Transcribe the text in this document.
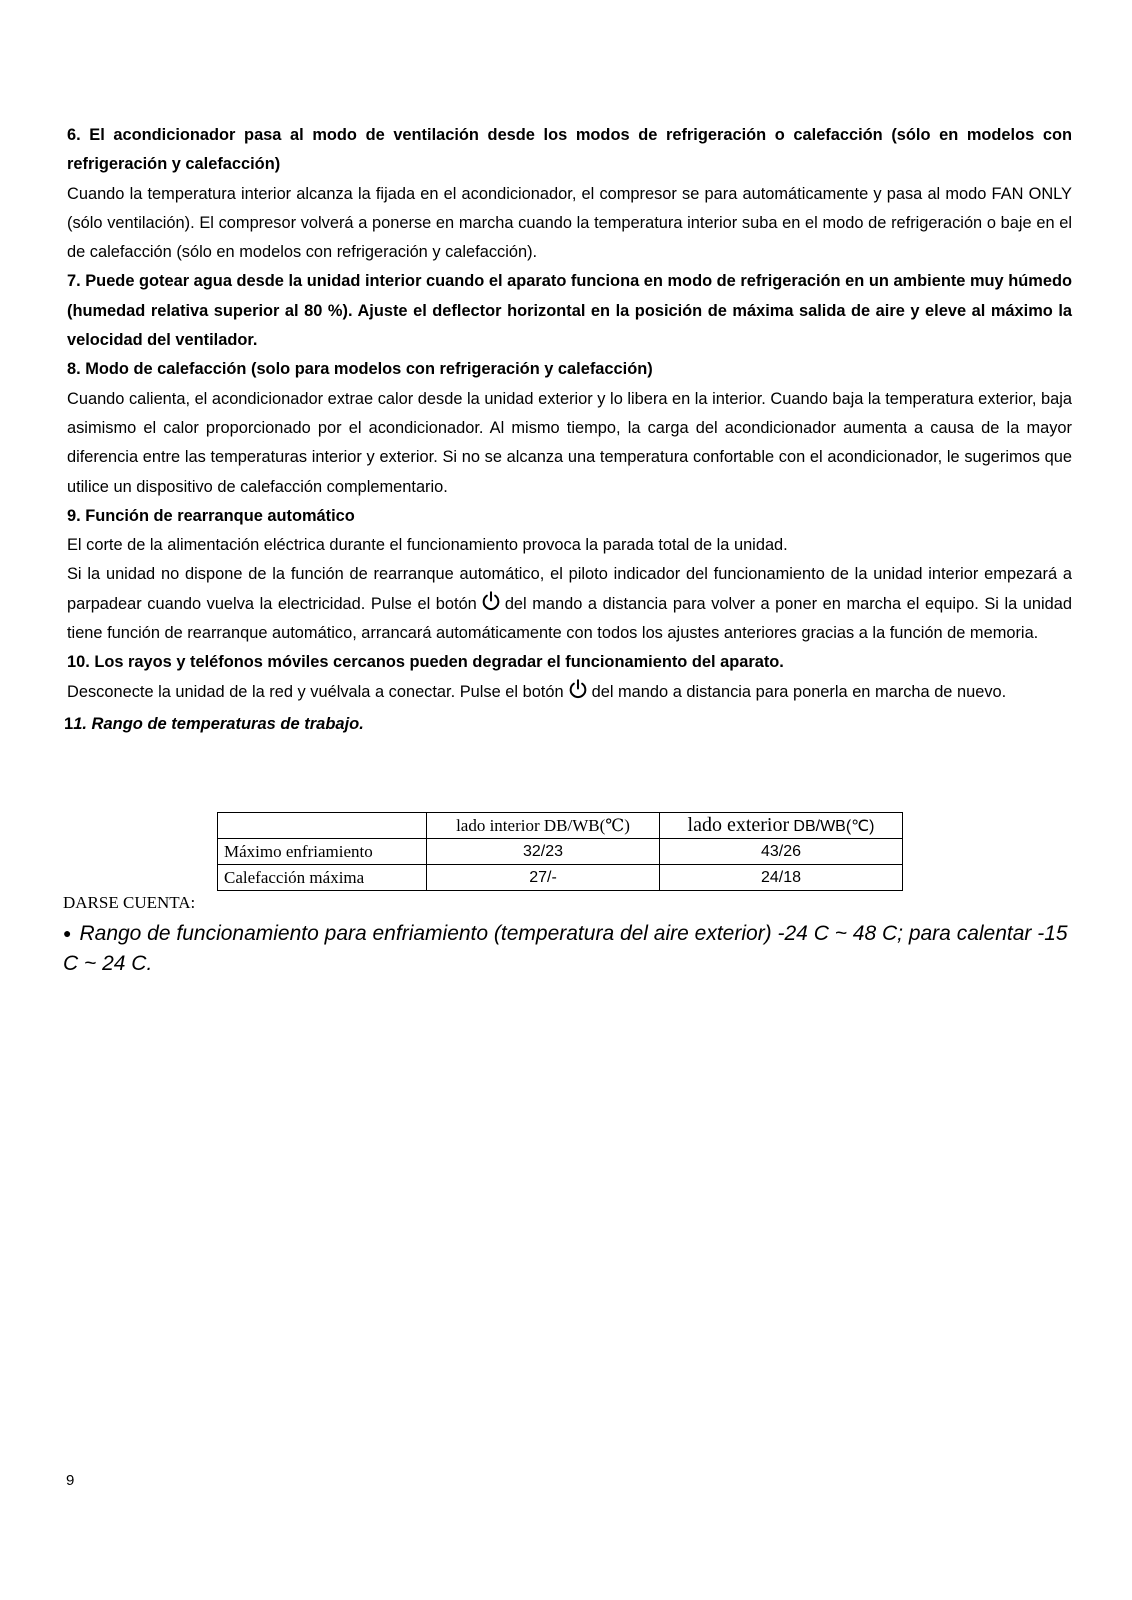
6. El acondicionador pasa al modo de ventilación desde los modos de refrigeración o calefacción (sólo en modelos con refrigeración y calefacción)

Cuando la temperatura interior alcanza la fijada en el acondicionador, el compresor se para automáticamente y pasa al modo FAN ONLY (sólo ventilación). El compresor volverá a ponerse en marcha cuando la temperatura interior suba en el modo de refrigeración o baje en el de calefacción (sólo en modelos con refrigeración y calefacción).

7. Puede gotear agua desde la unidad interior cuando el aparato funciona en modo de refrigeración en un ambiente muy húmedo (humedad relativa superior al 80 %). Ajuste el deflector horizontal en la posición de máxima salida de aire y eleve al máximo la velocidad del ventilador.

8. Modo de calefacción (solo para modelos con refrigeración y calefacción)

Cuando calienta, el acondicionador extrae calor desde la unidad exterior y lo libera en la interior. Cuando baja la temperatura exterior, baja asimismo el calor proporcionado por el acondicionador. Al mismo tiempo, la carga del acondicionador aumenta a causa de la mayor diferencia entre las temperaturas interior y exterior. Si no se alcanza una temperatura confortable con el acondicionador, le sugerimos que utilice un dispositivo de calefacción complementario.

9. Función de rearranque automático

El corte de la alimentación eléctrica durante el funcionamiento provoca la parada total de la unidad.

Si la unidad no dispone de la función de rearranque automático, el piloto indicador del funcionamiento de la unidad interior empezará a parpadear cuando vuelva la electricidad. Pulse el botón del mando a distancia para volver a poner en marcha el equipo. Si la unidad tiene función de rearranque automático, arrancará automáticamente con todos los ajustes anteriores gracias a la función de memoria.

10. Los rayos y teléfonos móviles cercanos pueden degradar el funcionamiento del aparato.

Desconecte la unidad de la red y vuélvala a conectar. Pulse el botón del mando a distancia para ponerla en marcha de nuevo.

11. Rango de temperaturas de trabajo.
	lado interior DB/WB(℃)	lado exterior DB/WB(℃)
Máximo enfriamiento	32/23	43/26
Calefacción máxima	27/-	24/18
DARSE CUENTA:
● Rango de funcionamiento para enfriamiento (temperatura del aire exterior) -24 C ~ 48 C; para calentar -15 C ~ 24 C.
9
